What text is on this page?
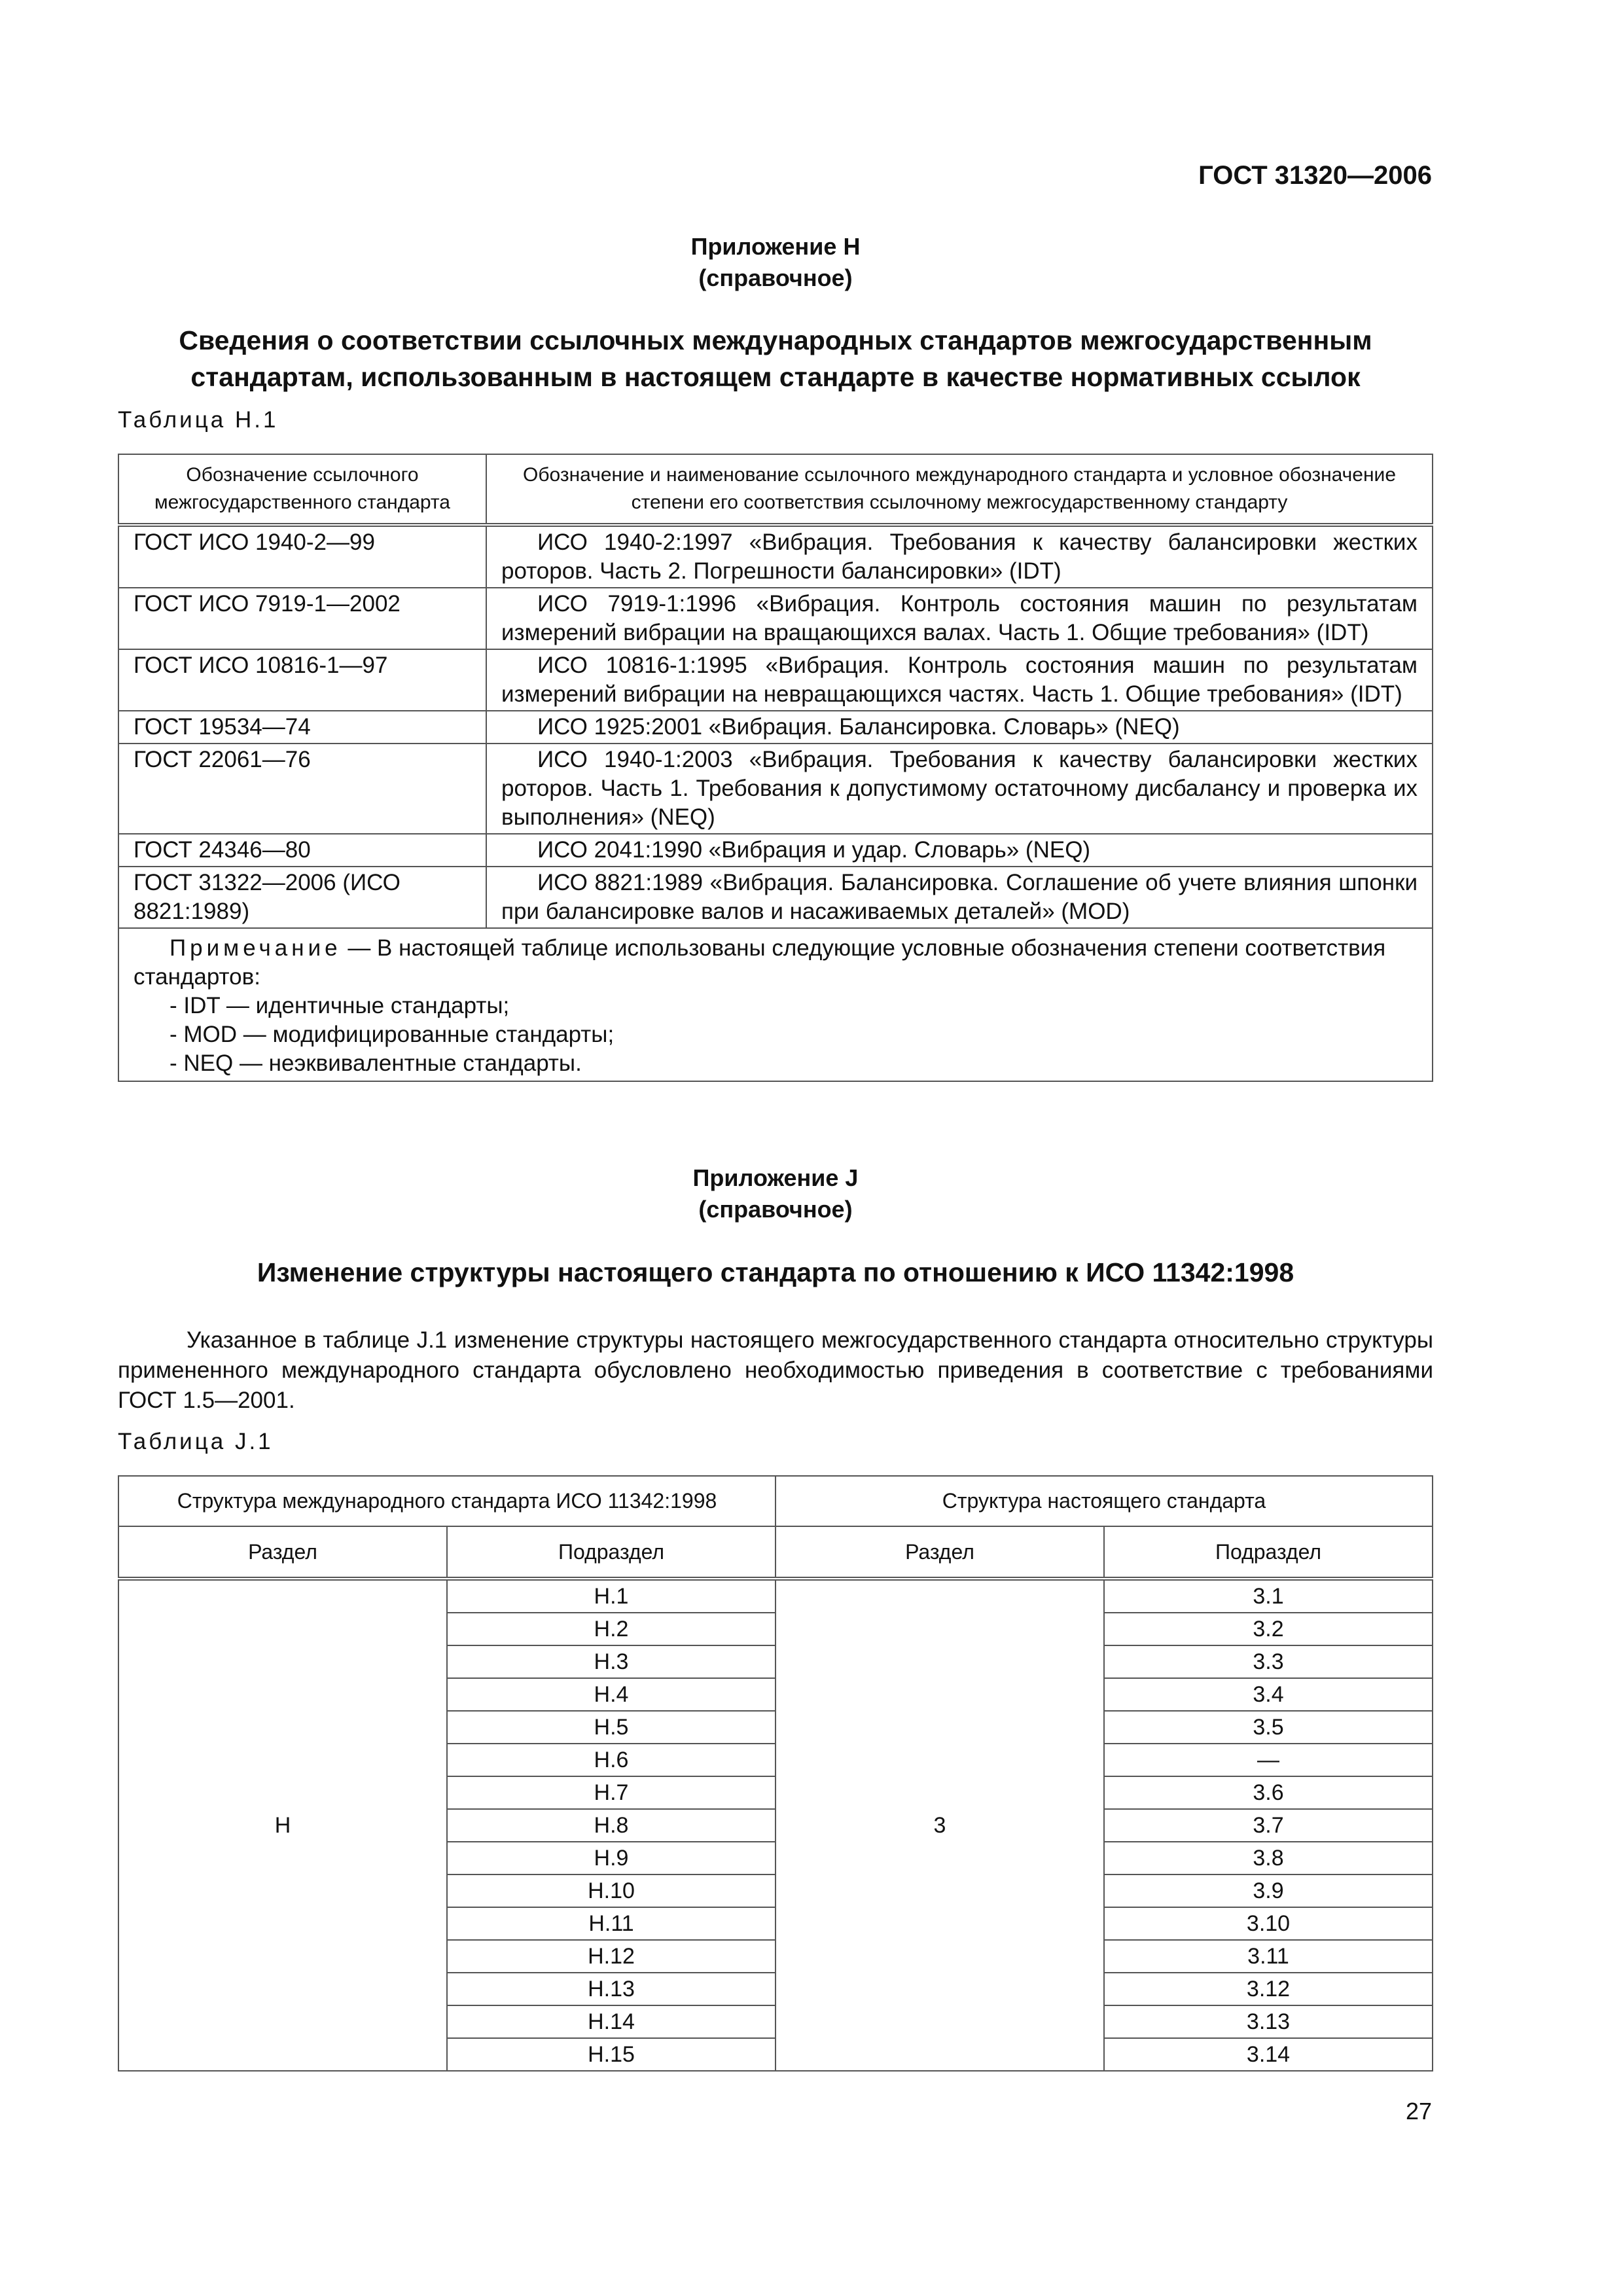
ГОСТ 31320—2006
Приложение Н
(справочное)
Сведения о соответствии ссылочных международных стандартов межгосударственным
стандартам, использованным в настоящем стандарте в качестве нормативных ссылок
Таблица Н.1
Обозначение ссылочного межгосударственного стандарта	Обозначение и наименование ссылочного международного стандарта и условное обозначение степени его соответствия ссылочному межгосударственному стандарту
ГОСТ ИСО 1940-2—99	ИСО 1940-2:1997 «Вибрация. Требования к качеству балансировки жестких роторов. Часть 2. Погрешности балансировки» (IDT)
ГОСТ ИСО 7919-1—2002	ИСО 7919-1:1996 «Вибрация. Контроль состояния машин по результатам измерений вибрации на вращающихся валах. Часть 1. Общие требования» (IDT)
ГОСТ ИСО 10816-1—97	ИСО 10816-1:1995 «Вибрация. Контроль состояния машин по результатам измерений вибрации на невращающихся частях. Часть 1. Общие требования» (IDT)
ГОСТ 19534—74	ИСО 1925:2001 «Вибрация. Балансировка. Словарь» (NEQ)
ГОСТ 22061—76	ИСО 1940-1:2003 «Вибрация. Требования к качеству балансировки жестких роторов. Часть 1. Требования к допустимому остаточному дисбалансу и проверка их выполнения» (NEQ)
ГОСТ 24346—80	ИСО 2041:1990 «Вибрация и удар. Словарь» (NEQ)
ГОСТ 31322—2006 (ИСО 8821:1989)	ИСО 8821:1989 «Вибрация. Балансировка. Соглашение об учете влияния шпонки при балансировке валов и насаживаемых деталей» (MOD)

Примечание — В настоящей таблице использованы следующие условные обозначения степени соответствия стандартов:
- IDT — идентичные стандарты;
- MOD — модифицированные стандарты;
- NEQ — неэквивалентные стандарты.	
Приложение J
(справочное)
Изменение структуры настоящего стандарта по отношению к ИСО 11342:1998
Указанное в таблице J.1 изменение структуры настоящего межгосударственного стандарта относительно структуры примененного международного стандарта обусловлено необходимостью приведения в соответствие с требованиями ГОСТ 1.5—2001.
Таблица J.1
Структура международного стандарта ИСО 11342:1998		Структура настоящего стандарта	
Раздел	Подраздел	Раздел	Подраздел
H	H.1	3	3.1
	H.2		3.2
	H.3		3.3
	H.4		3.4
	H.5		3.5
	H.6		—
	H.7		3.6
	H.8		3.7
	H.9		3.8
	H.10		3.9
	H.11		3.10
	H.12		3.11
	H.13		3.12
	H.14		3.13
	H.15		3.14
27
